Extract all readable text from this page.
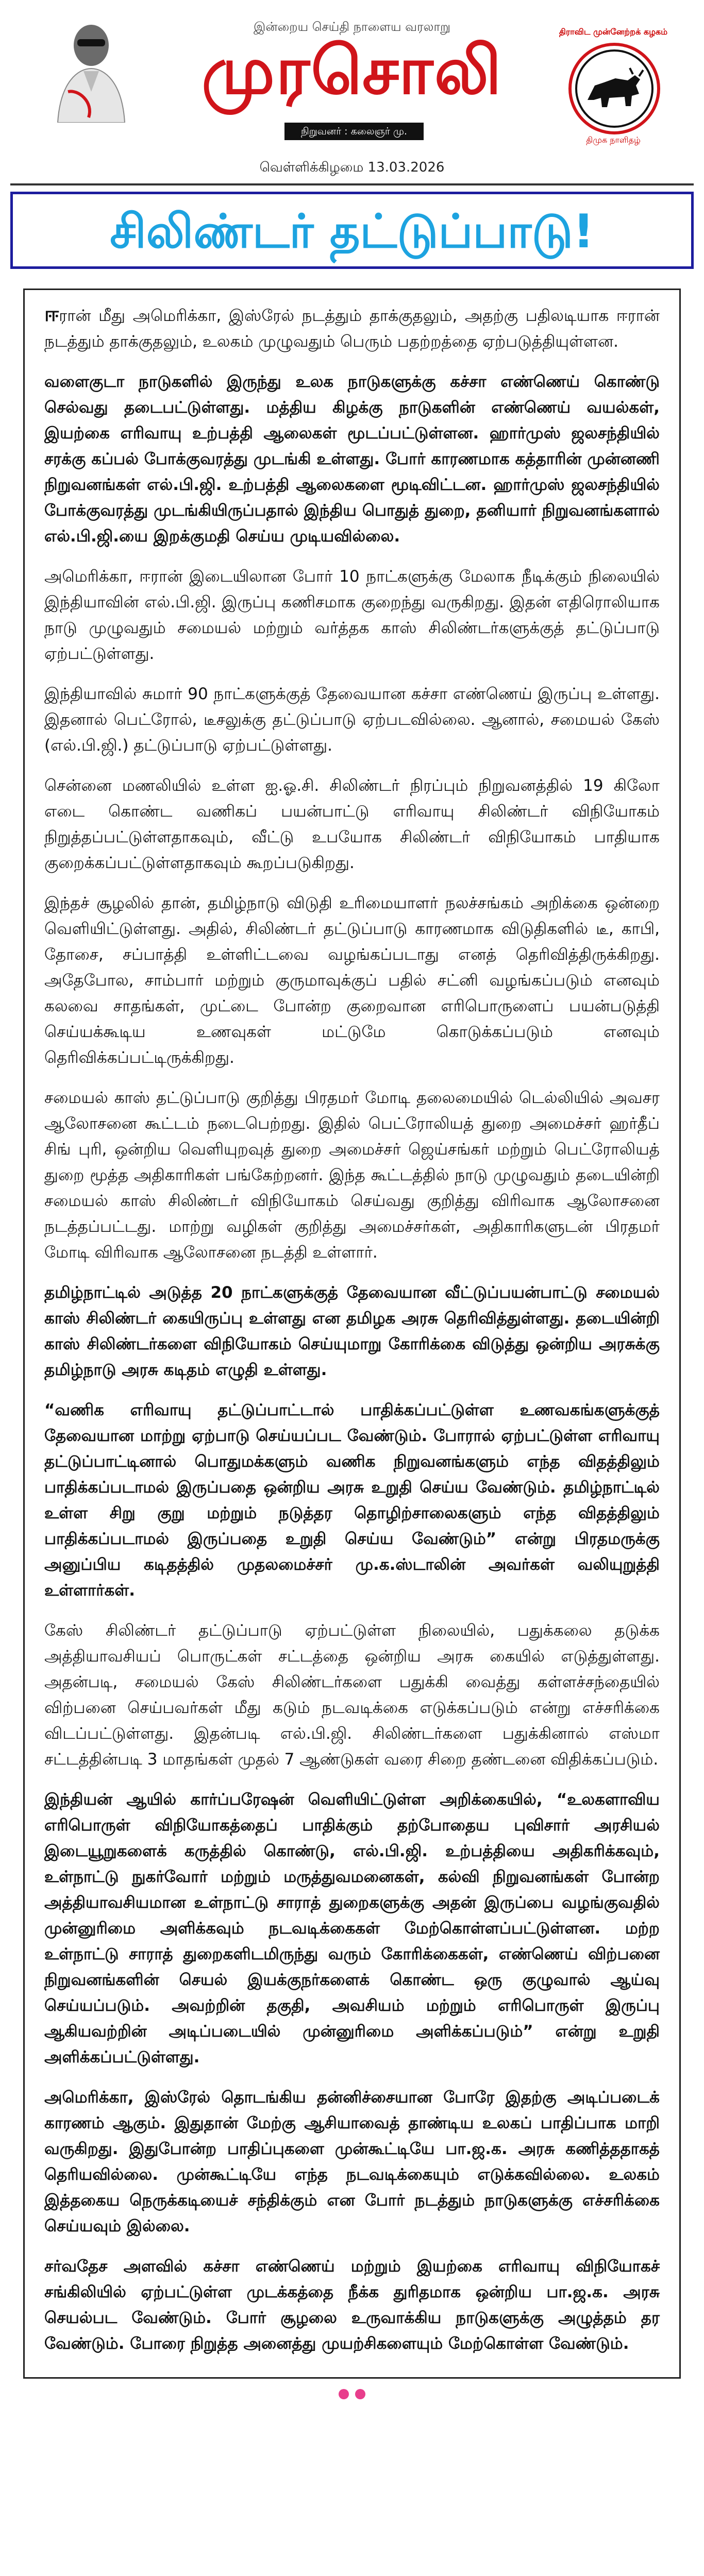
இன்றைய செய்தி நாளைய வரலாறு
முரசொலி
நிறுவனர் : கலைஞர் மு. கருணாநிதி
திராவிட முன்னேற்றக் கழகம்
திமுக நாளிதழ்
வெள்ளிக்கிழமை 13.03.2026
சிலிண்டர் தட்டுப்பாடு!

ஈரான் மீது அமெரிக்கா, இஸ்ரேல் நடத்தும் தாக்குதலும், அதற்கு பதிலடியாக ஈரான் நடத்தும் தாக்குதலும், உலகம் முழுவதும் பெரும் பதற்றத்தை ஏற்படுத்தியுள்ளன.

வளைகுடா நாடுகளில் இருந்து உலக நாடுகளுக்கு கச்சா எண்ணெய் கொண்டு செல்வது தடைபட்டுள்ளது. மத்திய கிழக்கு நாடுகளின் எண்ணெய் வயல்கள், இயற்கை எரிவாயு உற்பத்தி ஆலைகள் மூடப்பட்டுள்ளன. ஹார்முஸ் ஜலசந்தியில் சரக்கு கப்பல் போக்குவரத்து முடங்கி உள்ளது. போர் காரணமாக கத்தாரின் முன்னணி நிறுவனங்கள் எல்.பி.ஜி. உற்பத்தி ஆலைகளை மூடிவிட்டன. ஹார்முஸ் ஜலசந்தியில் போக்குவரத்து முடங்கியிருப்பதால் இந்திய பொதுத் துறை, தனியார் நிறுவனங்களால் எல்.பி.ஜி.யை இறக்குமதி செய்ய முடியவில்லை.

அமெரிக்கா, ஈரான் இடையிலான போர் 10 நாட்களுக்கு மேலாக நீடிக்கும் நிலையில் இந்தியாவின் எல்.பி.ஜி. இருப்பு கணிசமாக குறைந்து வருகிறது. இதன் எதிரொலியாக நாடு முழுவதும் சமையல் மற்றும் வர்த்தக காஸ் சிலிண்டர்களுக்குத் தட்டுப்பாடு ஏற்பட்டுள்ளது.

இந்தியாவில் சுமார் 90 நாட்களுக்குத் தேவையான கச்சா எண்ணெய் இருப்பு உள்ளது. இதனால் பெட்ரோல், டீசலுக்கு தட்டுப்பாடு ஏற்படவில்லை. ஆனால், சமையல் கேஸ் (எல்.பி.ஜி.) தட்டுப்பாடு ஏற்பட்டுள்ளது.

சென்னை மணலியில் உள்ள ஐ.ஓ.சி. சிலிண்டர் நிரப்பும் நிறுவனத்தில் 19 கிலோ எடை கொண்ட வணிகப் பயன்பாட்டு எரிவாயு சிலிண்டர் விநியோகம் நிறுத்தப்பட்டுள்ளதாகவும், வீட்டு உபயோக சிலிண்டர் விநியோகம் பாதியாக குறைக்கப்பட்டுள்ளதாகவும் கூறப்படுகிறது.

இந்தச் சூழலில் தான், தமிழ்நாடு விடுதி உரிமையாளர் நலச்சங்கம் அறிக்கை ஒன்றை வெளியிட்டுள்ளது. அதில், சிலிண்டர் தட்டுப்பாடு காரணமாக விடுதிகளில் டீ, காபி, தோசை, சப்பாத்தி உள்ளிட்டவை வழங்கப்படாது எனத் தெரிவித்திருக்கிறது. அதேபோல, சாம்பார் மற்றும் குருமாவுக்குப் பதில் சட்னி வழங்கப்படும் எனவும் கலவை சாதங்கள், முட்டை போன்ற குறைவான எரிபொருளைப் பயன்படுத்தி செய்யக்கூடிய உணவுகள் மட்டுமே கொடுக்கப்படும் எனவும் தெரிவிக்கப்பட்டிருக்கிறது.

சமையல் காஸ் தட்டுப்பாடு குறித்து பிரதமர் மோடி தலைமையில் டெல்லியில் அவசர ஆலோசனை கூட்டம் நடைபெற்றது. இதில் பெட்ரோலியத் துறை அமைச்சர் ஹர்தீப் சிங் புரி, ஒன்றிய வெளியுறவுத் துறை அமைச்சர் ஜெய்சங்கர் மற்றும் பெட்ரோலியத் துறை மூத்த அதிகாரிகள் பங்கேற்றனர். இந்த கூட்டத்தில் நாடு முழுவதும் தடையின்றி சமையல் காஸ் சிலிண்டர் விநியோகம் செய்வது குறித்து விரிவாக ஆலோசனை நடத்தப்பட்டது. மாற்று வழிகள் குறித்து அமைச்சர்கள், அதிகாரிகளுடன் பிரதமர் மோடி விரிவாக ஆலோசனை நடத்தி உள்ளார்.

தமிழ்நாட்டில் அடுத்த 20 நாட்களுக்குத் தேவையான வீட்டுப்பயன்பாட்டு சமையல் காஸ் சிலிண்டர் கையிருப்பு உள்ளது என தமிழக அரசு தெரிவித்துள்ளது. தடையின்றி காஸ் சிலிண்டர்களை விநியோகம் செய்யுமாறு கோரிக்கை விடுத்து ஒன்றிய அரசுக்கு தமிழ்நாடு அரசு கடிதம் எழுதி உள்ளது.

“வணிக எரிவாயு தட்டுப்பாட்டால் பாதிக்கப்பட்டுள்ள உணவகங்களுக்குத் தேவையான மாற்று ஏற்பாடு செய்யப்பட வேண்டும். போரால் ஏற்பட்டுள்ள எரிவாயு தட்டுப்பாட்டினால் பொதுமக்களும் வணிக நிறுவனங்களும் எந்த விதத்திலும் பாதிக்கப்படாமல் இருப்பதை ஒன்றிய அரசு உறுதி செய்ய வேண்டும். தமிழ்நாட்டில் உள்ள சிறு குறு மற்றும் நடுத்தர தொழிற்சாலைகளும் எந்த விதத்திலும் பாதிக்கப்படாமல் இருப்பதை உறுதி செய்ய வேண்டும்” என்று பிரதமருக்கு அனுப்பிய கடிதத்தில் முதலமைச்சர் மு.க.ஸ்டாலின் அவர்கள் வலியுறுத்தி உள்ளார்கள்.

கேஸ் சிலிண்டர் தட்டுப்பாடு ஏற்பட்டுள்ள நிலையில், பதுக்கலை தடுக்க அத்தியாவசியப் பொருட்கள் சட்டத்தை ஒன்றிய அரசு கையில் எடுத்துள்ளது. அதன்படி, சமையல் கேஸ் சிலிண்டர்களை பதுக்கி வைத்து கள்ளச்சந்தையில் விற்பனை செய்பவர்கள் மீது கடும் நடவடிக்கை எடுக்கப்படும் என்று எச்சரிக்கை விடப்பட்டுள்ளது. இதன்படி எல்.பி.ஜி. சிலிண்டர்களை பதுக்கினால் எஸ்மா சட்டத்தின்படி 3 மாதங்கள் முதல் 7 ஆண்டுகள் வரை சிறை தண்டனை விதிக்கப்படும்.

இந்தியன் ஆயில் கார்ப்பரேஷன் வெளியிட்டுள்ள அறிக்கையில், “உலகளாவிய எரிபொருள் விநியோகத்தைப் பாதிக்கும் தற்போதைய புவிசார் அரசியல் இடையூறுகளைக் கருத்தில் கொண்டு, எல்.பி.ஜி. உற்பத்தியை அதிகரிக்கவும், உள்நாட்டு நுகர்வோர் மற்றும் மருத்துவமனைகள், கல்வி நிறுவனங்கள் போன்ற அத்தியாவசியமான உள்நாட்டு சாராத் துறைகளுக்கு அதன் இருப்பை வழங்குவதில் முன்னுரிமை அளிக்கவும் நடவடிக்கைகள் மேற்கொள்ளப்பட்டுள்ளன. மற்ற உள்நாட்டு சாராத் துறைகளிடமிருந்து வரும் கோரிக்கைகள், எண்ணெய் விற்பனை நிறுவனங்களின் செயல் இயக்குநர்களைக் கொண்ட ஒரு குழுவால் ஆய்வு செய்யப்படும். அவற்றின் தகுதி, அவசியம் மற்றும் எரிபொருள் இருப்பு ஆகியவற்றின் அடிப்படையில் முன்னுரிமை அளிக்கப்படும்” என்று உறுதி அளிக்கப்பட்டுள்ளது.

அமெரிக்கா, இஸ்ரேல் தொடங்கிய தன்னிச்சையான போரே இதற்கு அடிப்படைக் காரணம் ஆகும். இதுதான் மேற்கு ஆசியாவைத் தாண்டிய உலகப் பாதிப்பாக மாறி வருகிறது. இதுபோன்ற பாதிப்புகளை முன்கூட்டியே பா.ஜ.க. அரசு கணித்ததாகத் தெரியவில்லை. முன்கூட்டியே எந்த நடவடிக்கையும் எடுக்கவில்லை. உலகம் இத்தகைய நெருக்கடியைச் சந்திக்கும் என போர் நடத்தும் நாடுகளுக்கு எச்சரிக்கை செய்யவும் இல்லை.

சர்வதேச அளவில் கச்சா எண்ணெய் மற்றும் இயற்கை எரிவாயு விநியோகச் சங்கிலியில் ஏற்பட்டுள்ள முடக்கத்தை நீக்க துரிதமாக ஒன்றிய பா.ஜ.க. அரசு செயல்பட வேண்டும். போர் சூழலை உருவாக்கிய நாடுகளுக்கு அழுத்தம் தர வேண்டும். போரை நிறுத்த அனைத்து முயற்சிகளையும் மேற்கொள்ள வேண்டும்.
